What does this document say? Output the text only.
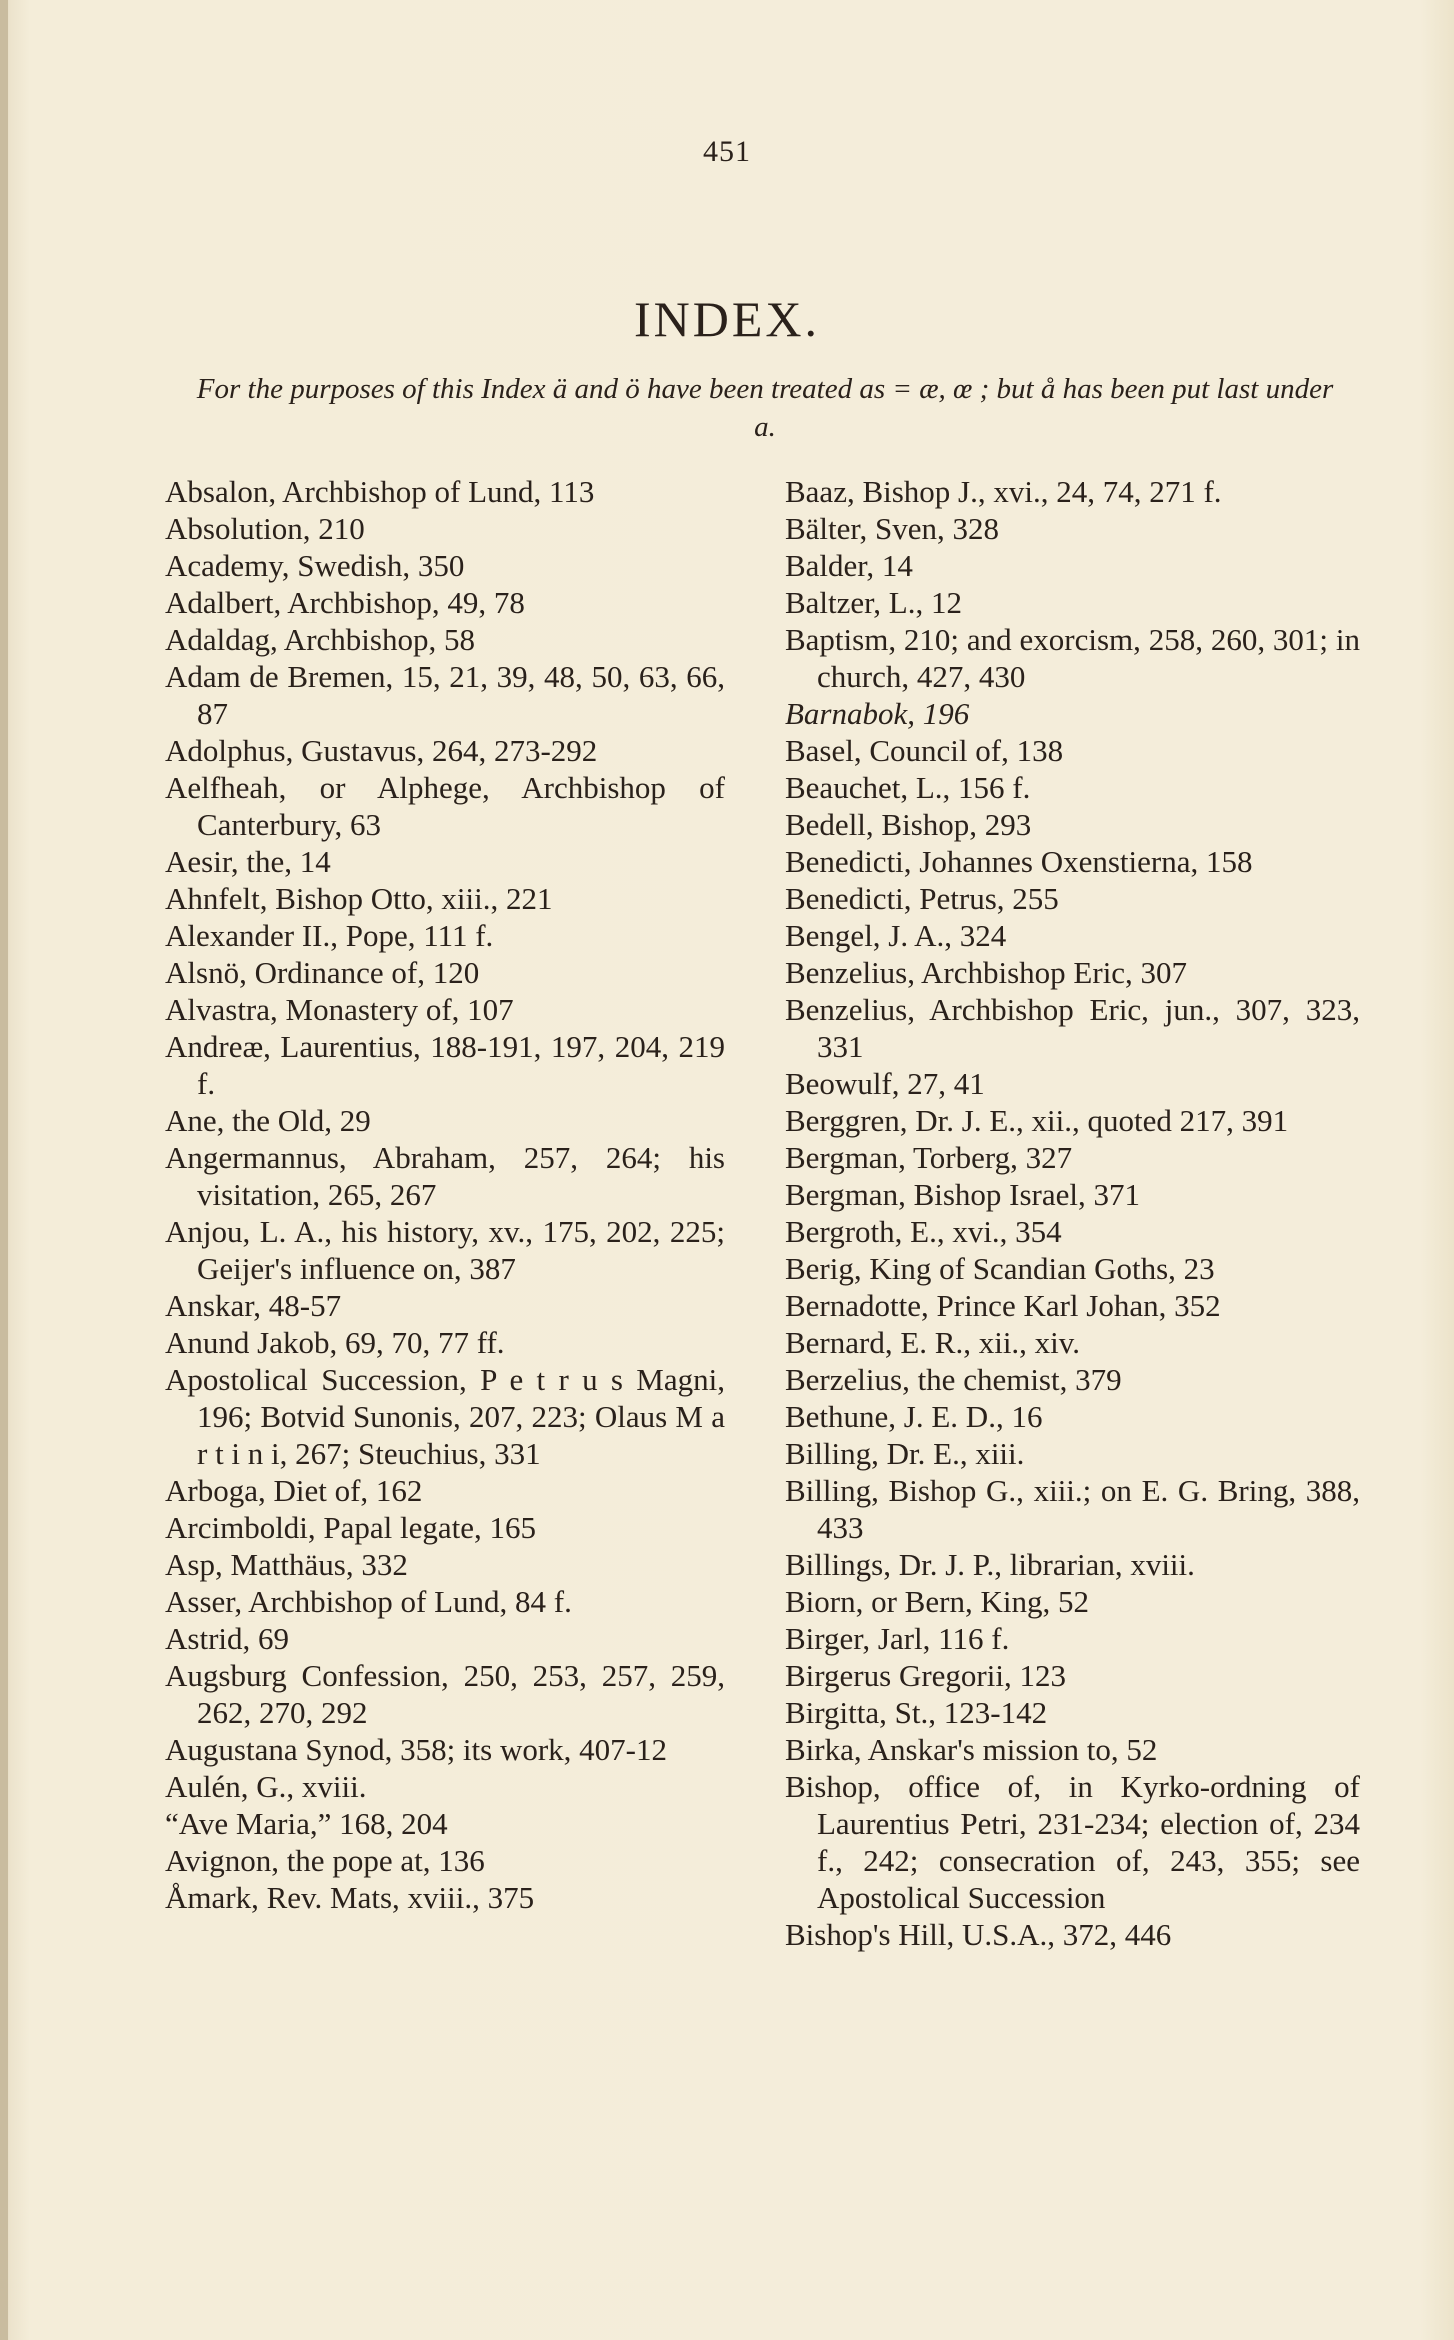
451
INDEX.
For the purposes of this Index ä and ö have been treated as = æ, œ ; but å has been put last under a.
Absalon, Archbishop of Lund, 113
Absolution, 210
Academy, Swedish, 350
Adalbert, Archbishop, 49, 78
Adaldag, Archbishop, 58
Adam de Bremen, 15, 21, 39, 48, 50, 63, 66, 87
Adolphus, Gustavus, 264, 273-292
Aelfheah, or Alphege, Archbishop of Canterbury, 63
Aesir, the, 14
Ahnfelt, Bishop Otto, xiii., 221
Alexander II., Pope, 111 f.
Alsnö, Ordinance of, 120
Alvastra, Monastery of, 107
Andreæ, Laurentius, 188-191, 197, 204, 219 f.
Ane, the Old, 29
Angermannus, Abraham, 257, 264; his visitation, 265, 267
Anjou, L. A., his history, xv., 175, 202, 225; Geijer's influence on, 387
Anskar, 48-57
Anund Jakob, 69, 70, 77 ff.
Apostolical Succession, P e t r u s Magni, 196; Botvid Sunonis, 207, 223; Olaus M a r t i n i, 267; Steuchius, 331
Arboga, Diet of, 162
Arcimboldi, Papal legate, 165
Asp, Matthäus, 332
Asser, Archbishop of Lund, 84 f.
Astrid, 69
Augsburg Confession, 250, 253, 257, 259, 262, 270, 292
Augustana Synod, 358; its work, 407-12
Aulén, G., xviii.
“Ave Maria,” 168, 204
Avignon, the pope at, 136
Åmark, Rev. Mats, xviii., 375
Baaz, Bishop J., xvi., 24, 74, 271 f.
Bälter, Sven, 328
Balder, 14
Baltzer, L., 12
Baptism, 210; and exorcism, 258, 260, 301; in church, 427, 430
Barnabok, 196
Basel, Council of, 138
Beauchet, L., 156 f.
Bedell, Bishop, 293
Benedicti, Johannes Oxenstierna, 158
Benedicti, Petrus, 255
Bengel, J. A., 324
Benzelius, Archbishop Eric, 307
Benzelius, Archbishop Eric, jun., 307, 323, 331
Beowulf, 27, 41
Berggren, Dr. J. E., xii., quoted 217, 391
Bergman, Torberg, 327
Bergman, Bishop Israel, 371
Bergroth, E., xvi., 354
Berig, King of Scandian Goths, 23
Bernadotte, Prince Karl Johan, 352
Bernard, E. R., xii., xiv.
Berzelius, the chemist, 379
Bethune, J. E. D., 16
Billing, Dr. E., xiii.
Billing, Bishop G., xiii.; on E. G. Bring, 388, 433
Billings, Dr. J. P., librarian, xviii.
Biorn, or Bern, King, 52
Birger, Jarl, 116 f.
Birgerus Gregorii, 123
Birgitta, St., 123-142
Birka, Anskar's mission to, 52
Bishop, office of, in Kyrko-ordning of Laurentius Petri, 231-234; election of, 234 f., 242; consecration of, 243, 355; see Apostolical Succession
Bishop's Hill, U.S.A., 372, 446
